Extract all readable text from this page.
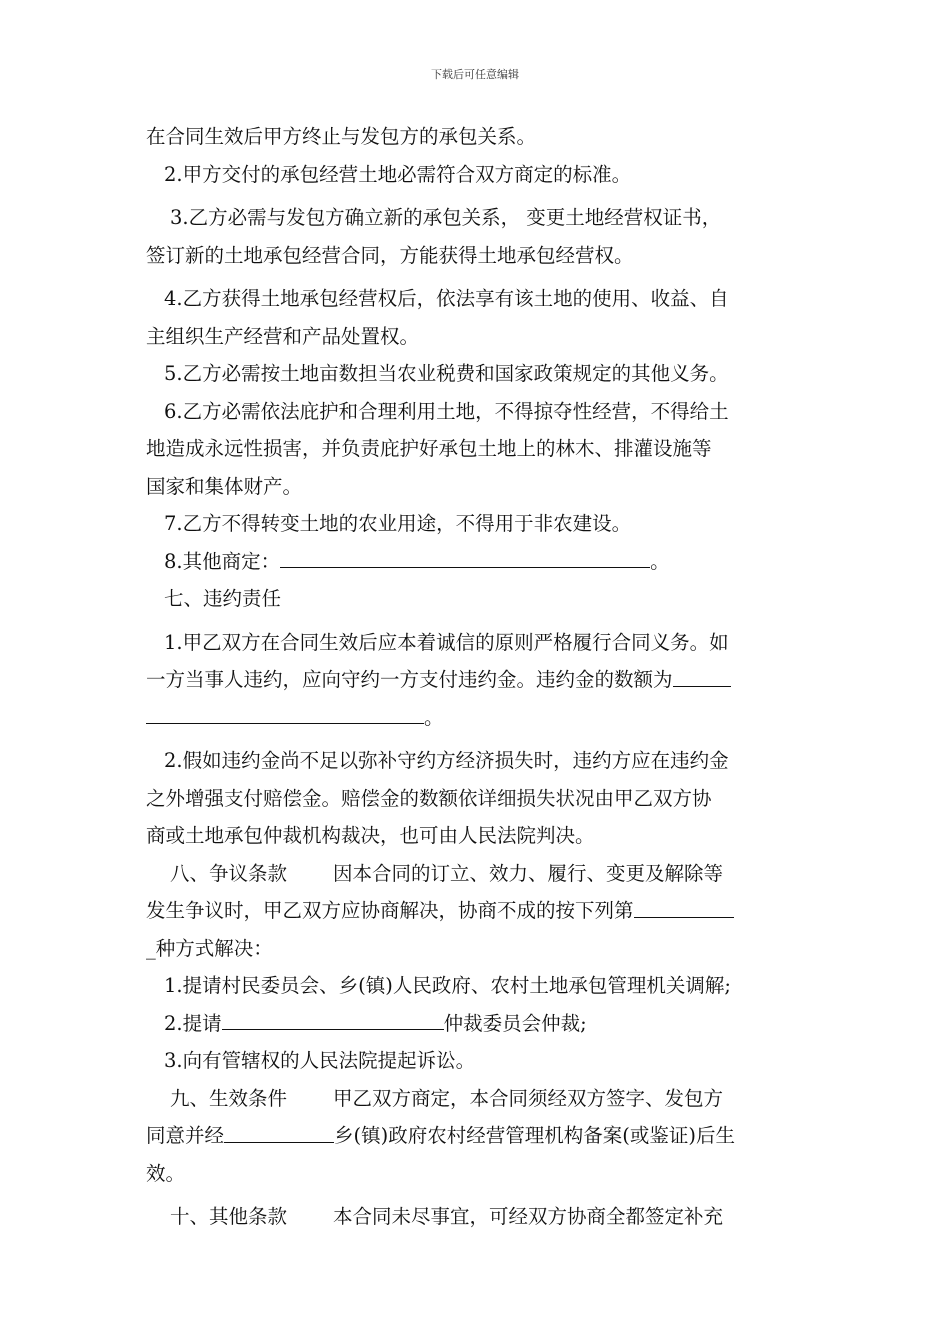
下载后可任意编辑

在合同生效后甲方终止与发包方的承包关系。

2.甲方交付的承包经营土地必需符合双方商定的标准。

3.乙方必需与发包方确立新的承包关系， 变更土地经营权证书，

签订新的土地承包经营合同，方能获得土地承包经营权。

4.乙方获得土地承包经营权后，依法享有该土地的使用、收益、自

主组织生产经营和产品处置权。

5.乙方必需按土地亩数担当农业税费和国家政策规定的其他义务。

6.乙方必需依法庇护和合理利用土地，不得掠夺性经营，不得给土

地造成永远性损害，并负责庇护好承包土地上的林木、排灌设施等

国家和集体财产。

7.乙方不得转变土地的农业用途，不得用于非农建设。

8.其他商定：	。

七、违约责任

1.甲乙双方在合同生效后应本着诚信的原则严格履行合同义务。如

一方当事人违约，应向守约一方支付违约金。违约金的数额为

。

2.假如违约金尚不足以弥补守约方经济损失时，违约方应在违约金

之外增强支付赔偿金。赔偿金的数额依详细损失状况由甲乙双方协

商或土地承包仲裁机构裁决，也可由人民法院判决。

八、争议条款 因本合同的订立、效力、履行、变更及解除等

发生争议时，甲乙双方应协商解决，协商不成的按下列第

_种方式解决：

1.提请村民委员会、乡(镇)人民政府、农村土地承包管理机关调解;

2.提请	仲裁委员会仲裁;

3.向有管辖权的人民法院提起诉讼。

九、生效条件 甲乙双方商定，本合同须经双方签字、发包方

同意并经	乡(镇)政府农村经营管理机构备案(或鉴证)后生

效。

十、其他条款 本合同未尽事宜，可经双方协商全都签定补充
